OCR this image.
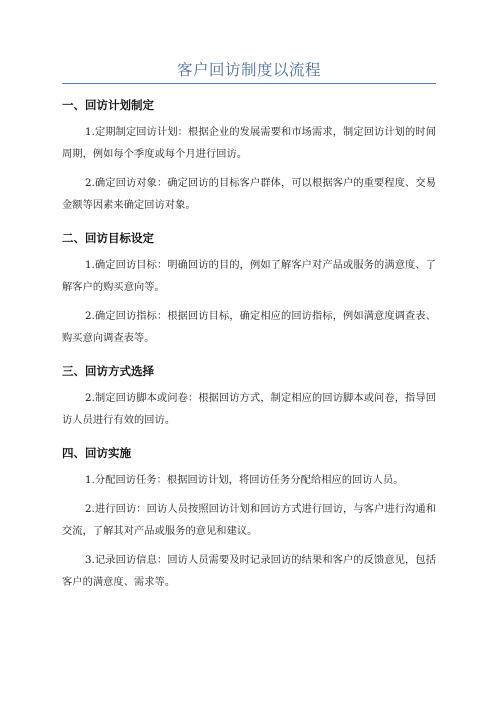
客户回访制度以流程

一、回访计划制定

1.定期制定回访计划：根据企业的发展需要和市场需求，制定回访计划的时间周期，例如每个季度或每个月进行回访。

2.确定回访对象：确定回访的目标客户群体，可以根据客户的重要程度、交易金额等因素来确定回访对象。

二、回访目标设定

1.确定回访目标：明确回访的目的，例如了解客户对产品或服务的满意度、了解客户的购买意向等。

2.确定回访指标：根据回访目标，确定相应的回访指标，例如满意度调查表、购买意向调查表等。

三、回访方式选择

2.制定回访脚本或问卷：根据回访方式，制定相应的回访脚本或问卷，指导回访人员进行有效的回访。

四、回访实施

1.分配回访任务：根据回访计划，将回访任务分配给相应的回访人员。

2.进行回访：回访人员按照回访计划和回访方式进行回访，与客户进行沟通和交流，了解其对产品或服务的意见和建议。

3.记录回访信息：回访人员需要及时记录回访的结果和客户的反馈意见，包括客户的满意度、需求等。
